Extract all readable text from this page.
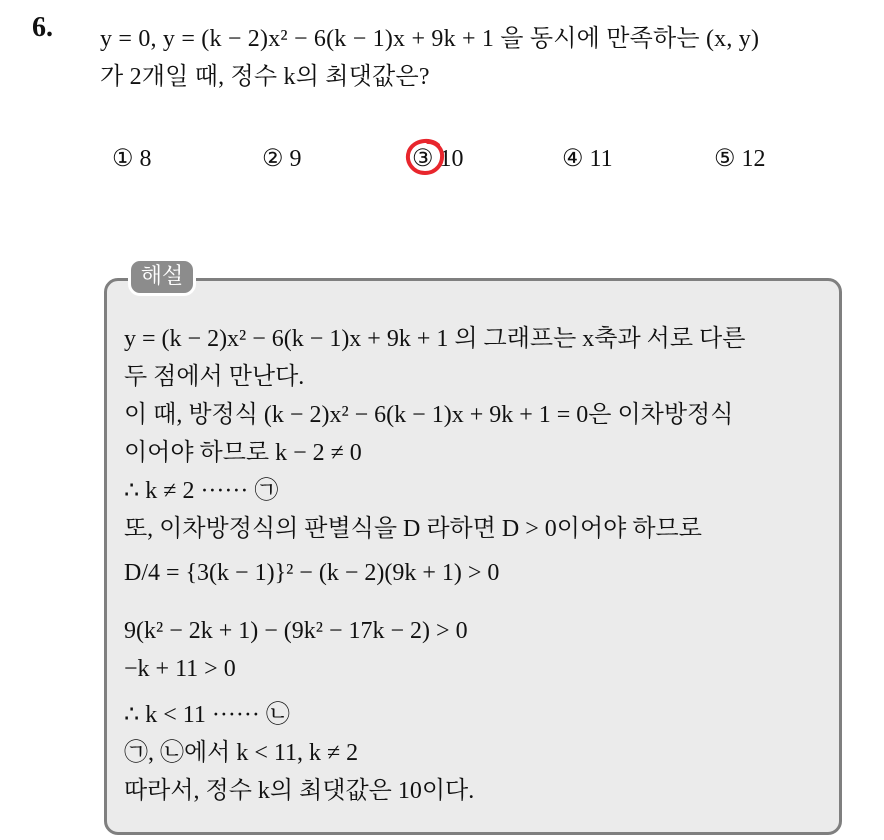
6. y = 0, y = (k − 2)x² − 6(k − 1)x + 9k + 1 을 동시에 만족하는 (x, y)
가 2개일 때, 정수 k의 최댓값은?
① 8	② 9	③ 10	④ 11	⑤ 12
해설
y = (k − 2)x² − 6(k − 1)x + 9k + 1 의 그래프는 x축과 서로 다른
두 점에서 만난다.
이 때, 방정식 (k − 2)x² − 6(k − 1)x + 9k + 1 = 0은 이차방정식
이어야 하므로 k − 2 ≠ 0
∴ k ≠ 2 ······ ㉠
또, 이차방정식의 판별식을 D 라하면 D > 0이어야 하므로
D/4 = {3(k − 1)}² − (k − 2)(9k + 1) > 0
9(k² − 2k + 1) − (9k² − 17k − 2) > 0
−k + 11 > 0
∴ k < 11 ······ ㉡
㉠, ㉡에서 k < 11, k ≠ 2
따라서, 정수 k의 최댓값은 10이다.
